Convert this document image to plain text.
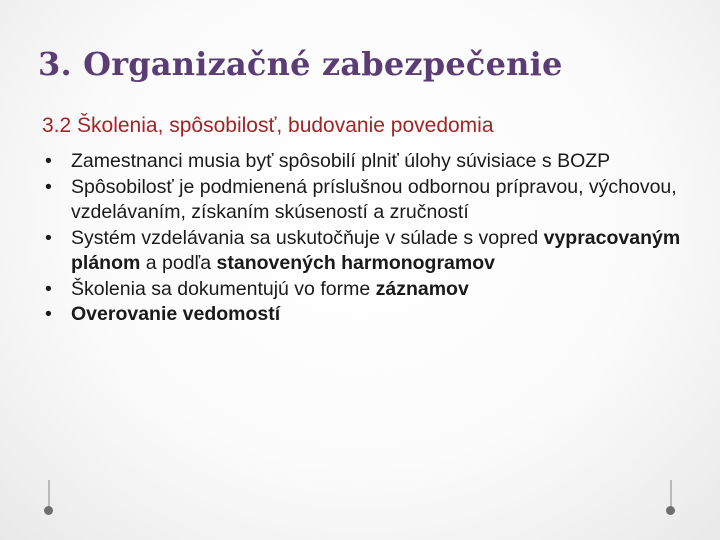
3. Organizačné zabezpečenie
3.2 Školenia, spôsobilosť, budovanie povedomia
• Zamestnanci musia byť spôsobilí plniť úlohy súvisiace s BOZP
• Spôsobilosť je podmienená príslušnou odbornou prípravou, výchovou, vzdelávaním, získaním skúseností a zručností
• Systém vzdelávania sa uskutočňuje v súlade s vopred vypracovaným plánom a podľa stanovených harmonogramov
• Školenia sa dokumentujú vo forme záznamov
• Overovanie vedomostí
